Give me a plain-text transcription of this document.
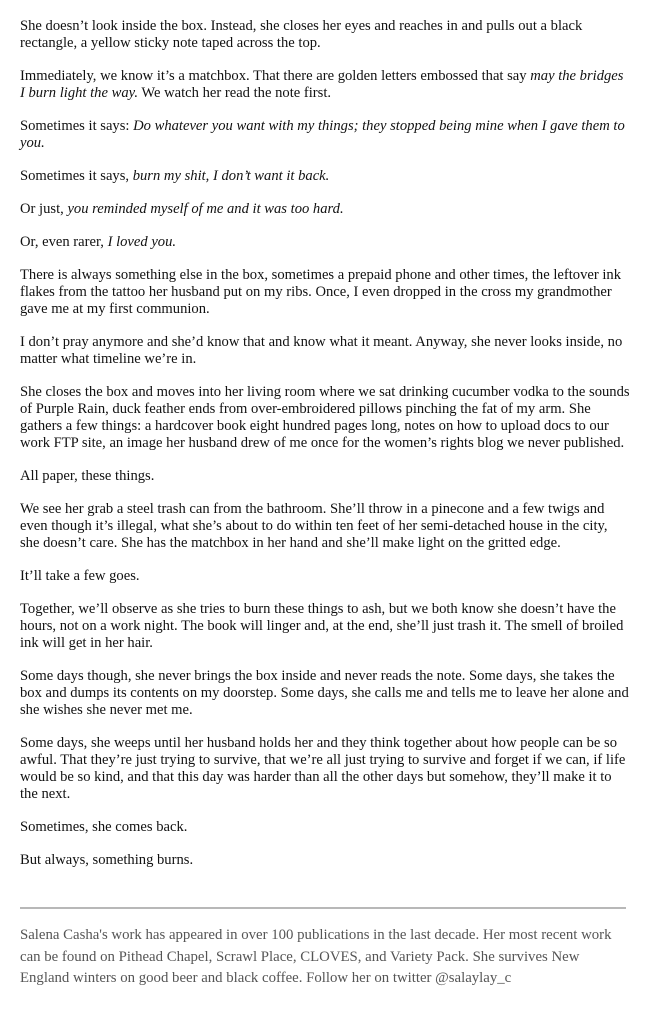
She doesn’t look inside the box. Instead, she closes her eyes and reaches in and pulls out a black rectangle, a yellow sticky note taped across the top.

Immediately, we know it’s a matchbox. That there are golden letters embossed that say may the bridges I burn light the way. We watch her read the note first.

Sometimes it says: Do whatever you want with my things; they stopped being mine when I gave them to you.

Sometimes it says, burn my shit, I don’t want it back.

Or just, you reminded myself of me and it was too hard.

Or, even rarer, I loved you.

There is always something else in the box, sometimes a prepaid phone and other times, the leftover ink flakes from the tattoo her husband put on my ribs. Once, I even dropped in the cross my grandmother gave me at my first communion.

I don’t pray anymore and she’d know that and know what it meant. Anyway, she never looks inside, no matter what timeline we’re in.

She closes the box and moves into her living room where we sat drinking cucumber vodka to the sounds of Purple Rain, duck feather ends from over-embroidered pillows pinching the fat of my arm. She gathers a few things: a hardcover book eight hundred pages long, notes on how to upload docs to our work FTP site, an image her husband drew of me once for the women’s rights blog we never published.

All paper, these things.

We see her grab a steel trash can from the bathroom. She’ll throw in a pinecone and a few twigs and even though it’s illegal, what she’s about to do within ten feet of her semi-detached house in the city, she doesn’t care. She has the matchbox in her hand and she’ll make light on the gritted edge.

It’ll take a few goes.

Together, we’ll observe as she tries to burn these things to ash, but we both know she doesn’t have the hours, not on a work night. The book will linger and, at the end, she’ll just trash it. The smell of broiled ink will get in her hair.

Some days though, she never brings the box inside and never reads the note. Some days, she takes the box and dumps its contents on my doorstep. Some days, she calls me and tells me to leave her alone and she wishes she never met me.

Some days, she weeps until her husband holds her and they think together about how people can be so awful. That they’re just trying to survive, that we’re all just trying to survive and forget if we can, if life would be so kind, and that this day was harder than all the other days but somehow, they’ll make it to the next.

Sometimes, she comes back.

But always, something burns.

Salena Casha's work has appeared in over 100 publications in the last decade. Her most recent work can be found on Pithead Chapel, Scrawl Place, CLOVES, and Variety Pack. She survives New England winters on good beer and black coffee. Follow her on twitter @salaylay_c
